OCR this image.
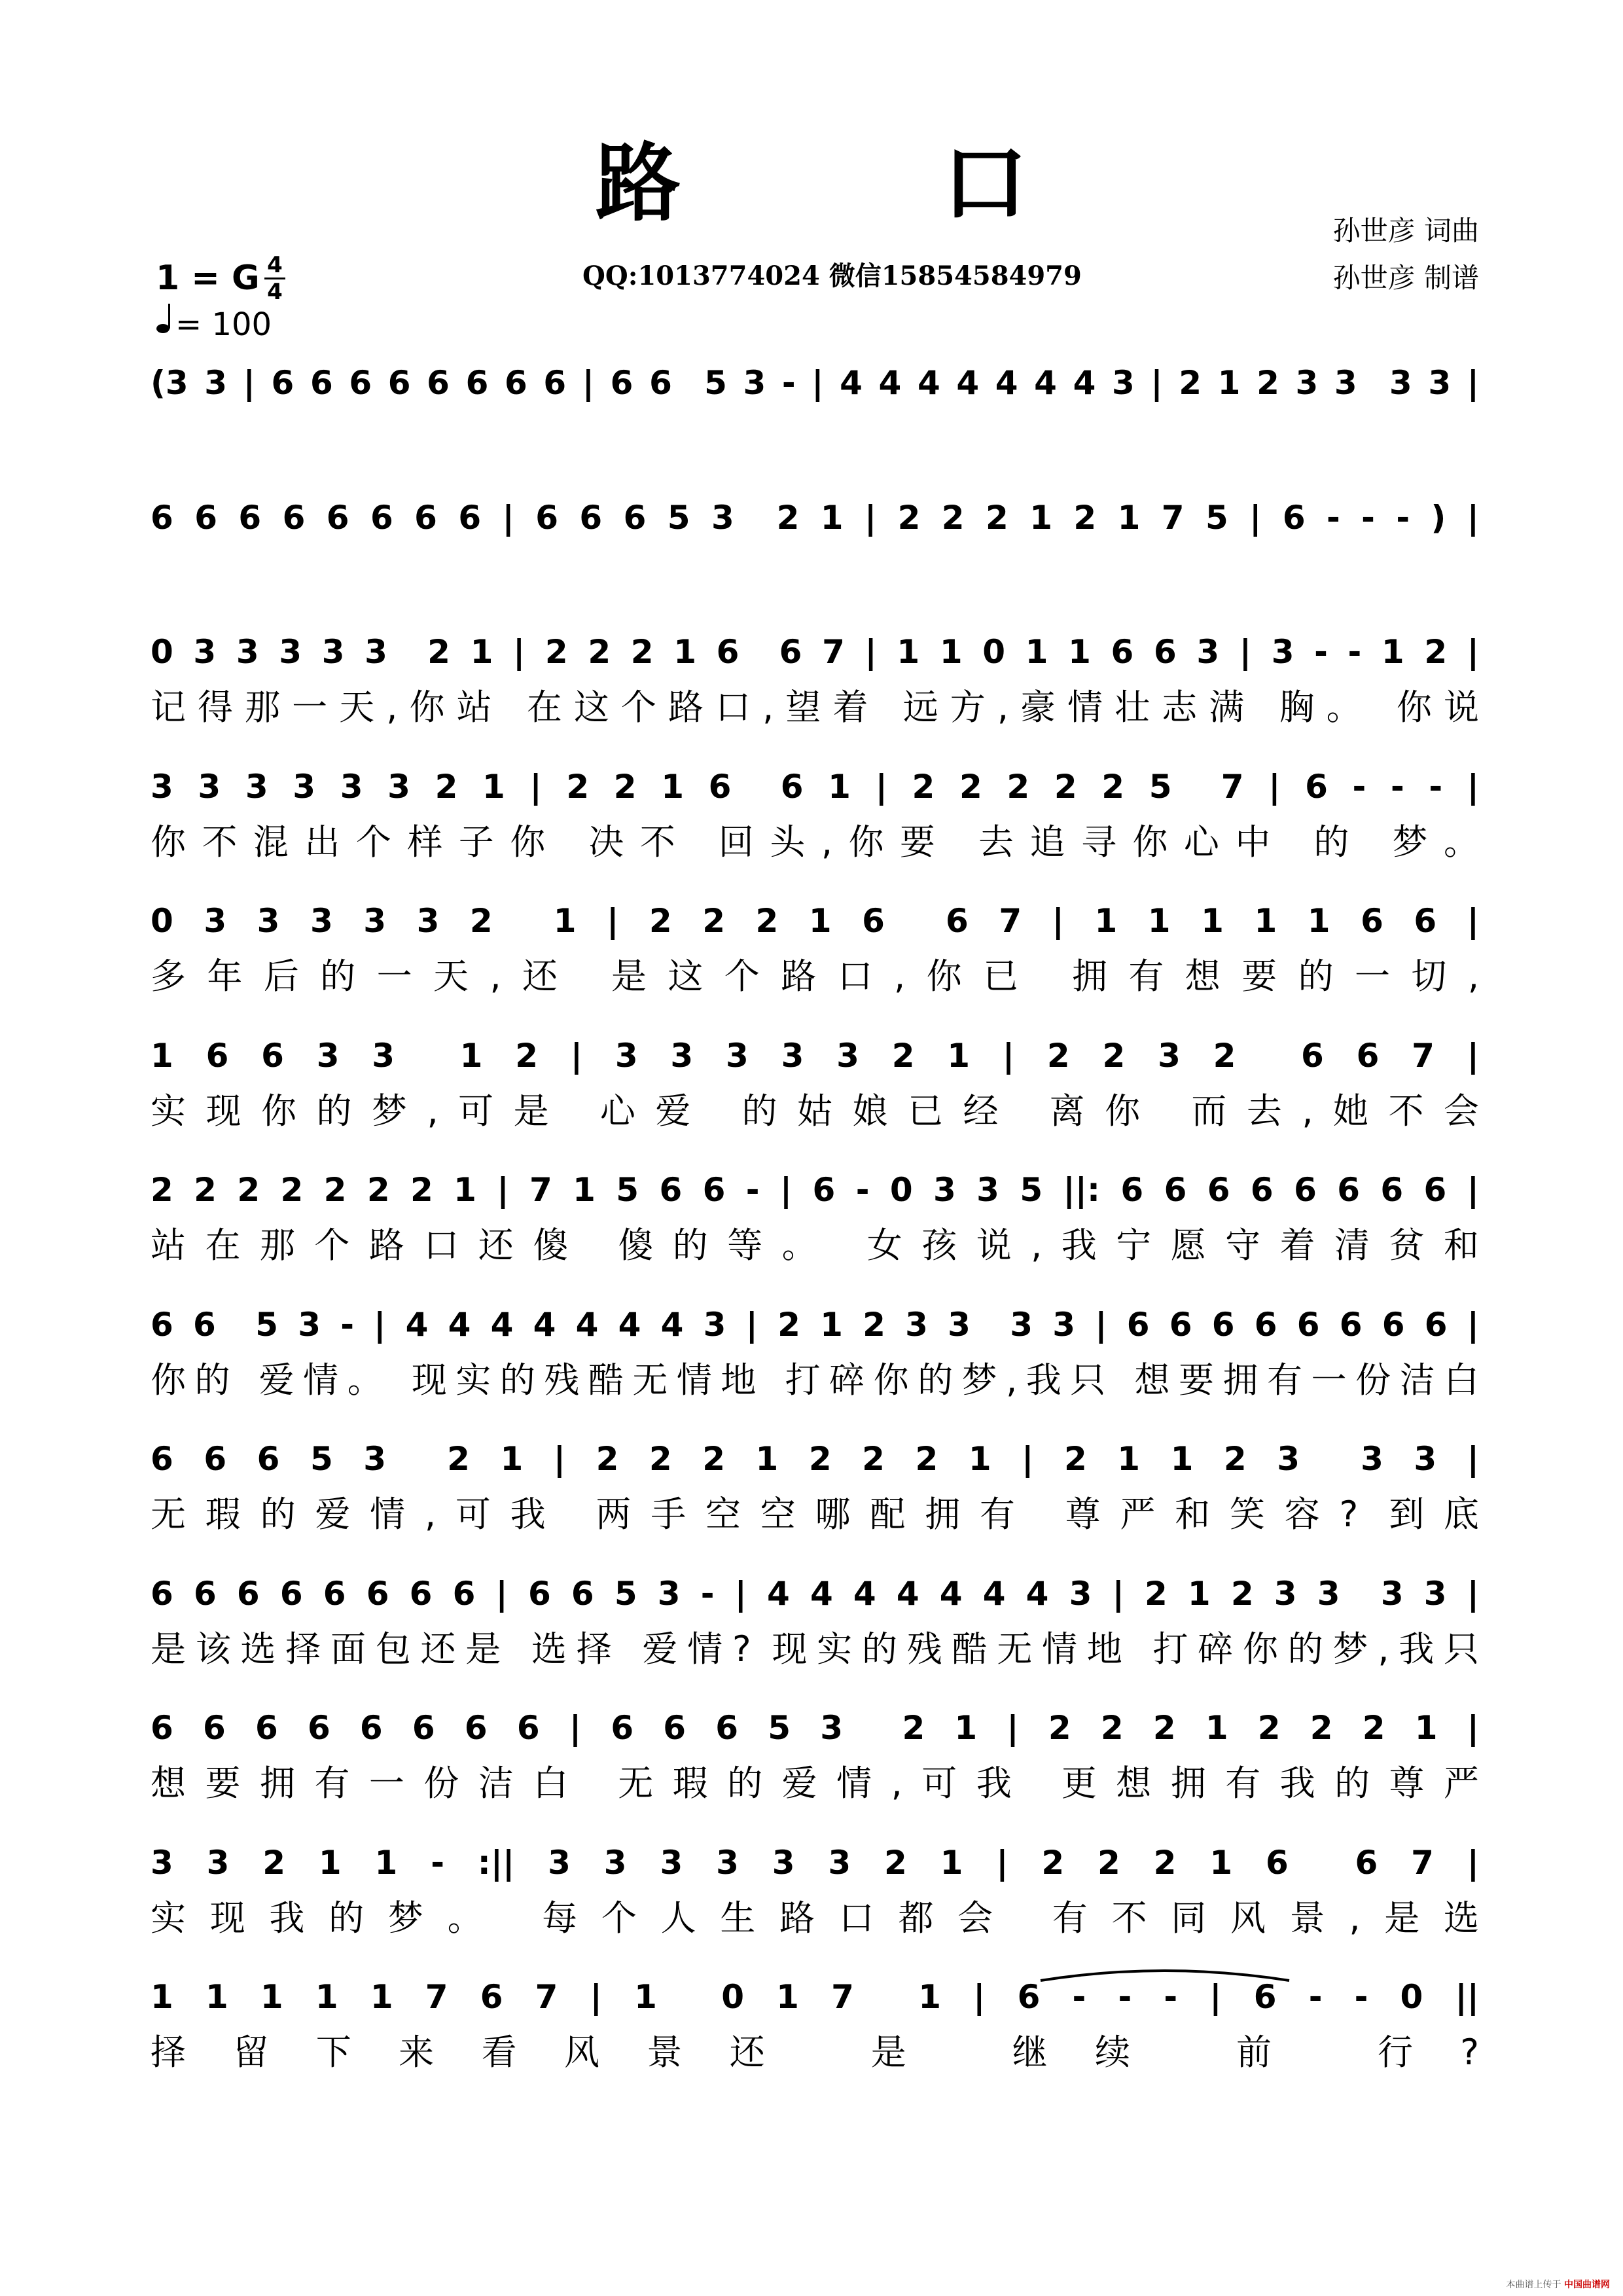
路口
QQ:1013774024 微信15854584979
孙世彦 词曲
孙世彦 制谱
1 = G 4
4
= 100
(3 3 | 6 6 6 6 6 6 6 6 | 6 6  5 3 - | 4 4 4 4 4 4 4 3 | 2 1 2 3 3  3 3 |
6 6 6 6 6 6 6 6 | 6 6 6 5 3  2 1 | 2 2 2 1 2 1 7 5 | 6 - - - ) |
0 3 3 3 3 3  2 1 | 2 2 2 1 6  6 7 | 1 1 0 1 1 6 6 3 | 3 - - 1 2 |
记得那一天,你站 在这个路口,望着 远方,豪情壮志满 胸。 你说
3 3 3 3 3 3 2 1 | 2 2 1 6  6 1 | 2 2 2 2 2 5  7 | 6 - - - |
你不混出个样子你 决不 回头,你要 去追寻你心中 的 梦。
0 3 3 3 3 3 2  1 | 2 2 2 1 6  6 7 | 1 1 1 1 1 6 6 |
多年后的一天,还 是这个路口,你已 拥有想要的一切,
1 6 6 3 3  1 2 | 3 3 3 3 3 2 1 | 2 2 3 2  6 6 7 |
实现你的梦,可是 心爱 的姑娘已经 离你 而去,她不会
2 2 2 2 2 2 2 1 | 7 1 5 6 6 - | 6 - 0 3 3 5 ||: 6 6 6 6 6 6 6 6 |
站在那个路口还傻 傻的等。 女孩说,我宁愿守着清贫和
6 6  5 3 - | 4 4 4 4 4 4 4 3 | 2 1 2 3 3  3 3 | 6 6 6 6 6 6 6 6 |
你的 爱情。 现实的残酷无情地 打碎你的梦,我只 想要拥有一份洁白
6 6 6 5 3  2 1 | 2 2 2 1 2 2 2 1 | 2 1 1 2 3  3 3 |
无瑕的爱情,可我 两手空空哪配拥有 尊严和笑容? 到底
6 6 6 6 6 6 6 6 | 6 6 5 3 - | 4 4 4 4 4 4 4 3 | 2 1 2 3 3  3 3 |
是该选择面包还是 选择 爱情? 现实的残酷无情地 打碎你的梦,我只
6 6 6 6 6 6 6 6 | 6 6 6 5 3  2 1 | 2 2 2 1 2 2 2 1 |
想要拥有一份洁白 无瑕的爱情,可我 更想拥有我的尊严
3 3 2 1 1 - :|| 3 3 3 3 3 3 2 1 | 2 2 2 1 6  6 7 |
实现我的梦。 每个人生路口都会 有不同风景,是选
1 1 1 1 1 7 6 7 | 1  0 1 7  1 | 6 - - - | 6 - - 0 ||
择留下来看风景还 是 继续 前 行?
本曲谱上传于 中国曲谱网
